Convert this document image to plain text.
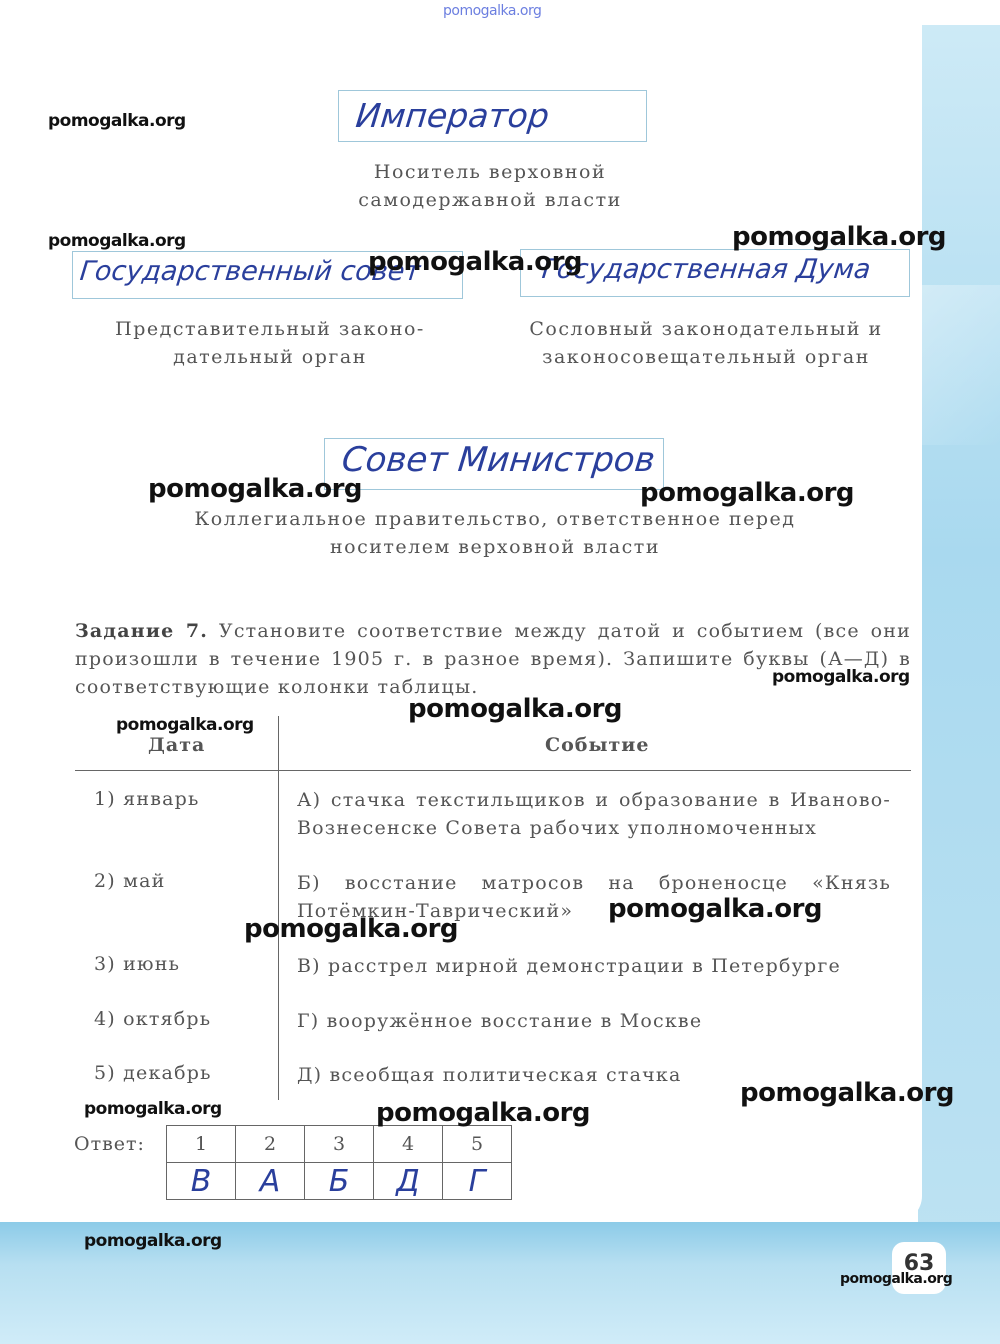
pomogalka.org
Император
Носитель верховной
самодержавной власти
Государственный совет
Представительный законо-
дательный орган
Государственная Дума
Сословный законодательный и
законосовещательный орган
Совет Министров
Коллегиальное правительство, ответственное перед
носителем верховной власти
Задание 7. Установите соответствие между датой и событием (все они произошли в течение 1905 г. в разное время). Запишите буквы (А—Д) в соответствующие колонки таблицы.
Дата	Событие
1) январь	А) стачка текстильщиков и образование в Иваново-Вознесенске Совета рабочих уполномоченных
2) май	Б) восстание матросов на броненосце «Князь Потёмкин-Таврический»
3) июнь	В) расстрел мирной демонстрации в Петербурге
4) октябрь	Г) вооружённое восстание в Москве
5) декабрь	Д) всеобщая политическая стачка
Ответ:	1	2	3	4	5
В	А	Б	Д	Г
63
pomogalka.org
pomogalka.org	pomogalka.org
pomogalka.org
pomogalka.org	pomogalka.org
pomogalka.org
pomogalka.org
pomogalka.org
pomogalka.org
pomogalka.org
pomogalka.org
pomogalka.org	pomogalka.org
pomogalka.org
pomogalka.org
